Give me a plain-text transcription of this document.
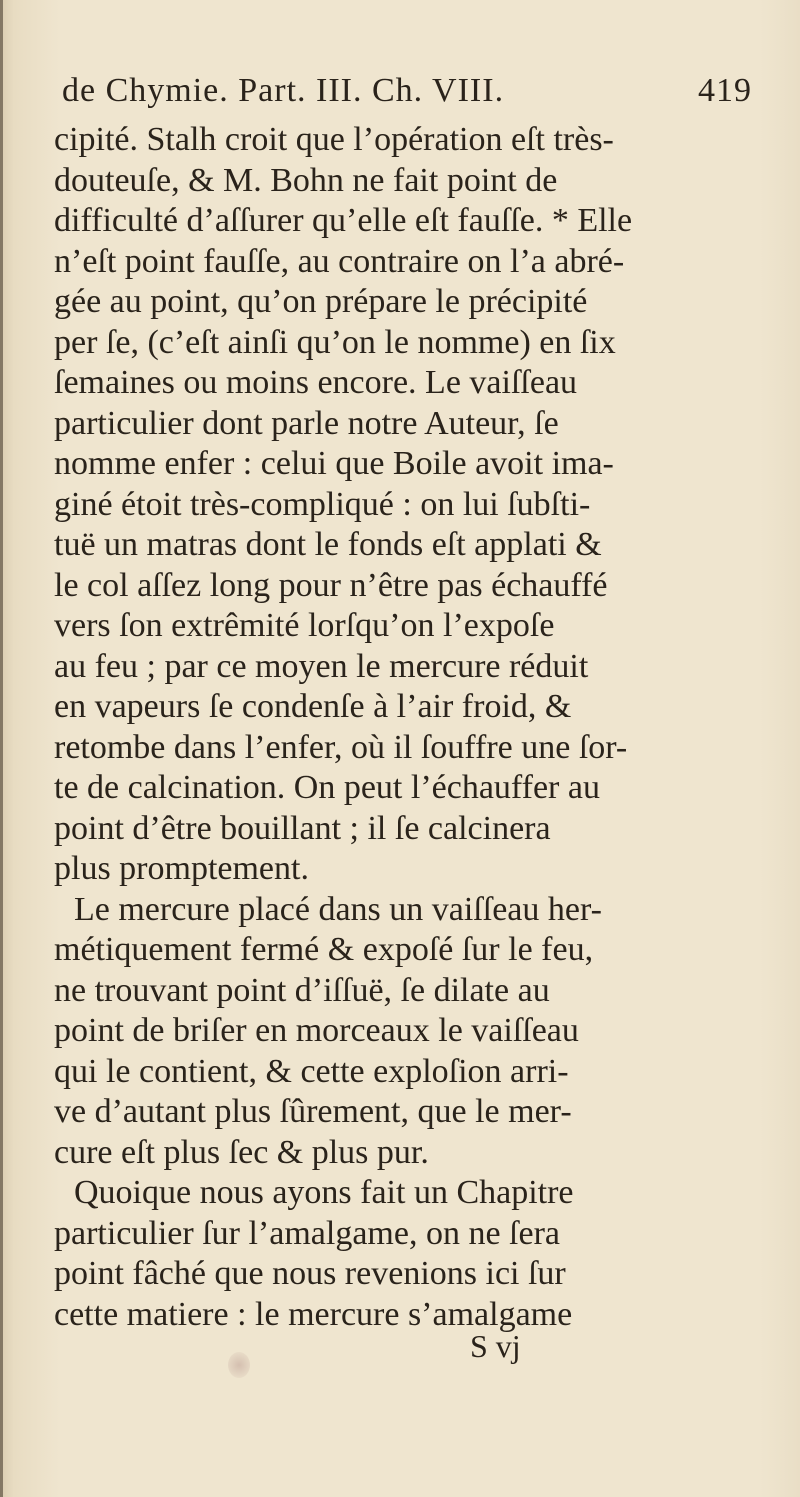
de Chymie. Part. III. Ch. VIII.	419
cipité. Stalh croit que l’opération eſt très-
douteuſe, & M. Bohn ne fait point de
difficulté d’aſſurer qu’elle eſt fauſſe. * Elle
n’eſt point fauſſe, au contraire on l’a abré-
gée au point, qu’on prépare le précipité
per ſe, (c’eſt ainſi qu’on le nomme) en ſix
ſemaines ou moins encore. Le vaiſſeau
particulier dont parle notre Auteur, ſe
nomme enfer : celui que Boile avoit ima-
giné étoit très-compliqué : on lui ſubſti-
tuë un matras dont le fonds eſt applati &
le col aſſez long pour n’être pas échauffé
vers ſon extrêmité lorſqu’on l’expoſe
au feu ; par ce moyen le mercure réduit
en vapeurs ſe condenſe à l’air froid, &
retombe dans l’enfer, où il ſouffre une ſor-
te de calcination. On peut l’échauffer au
point d’être bouillant ; il ſe calcinera
plus promptement.
Le mercure placé dans un vaiſſeau her-
métiquement fermé & expoſé ſur le feu,
ne trouvant point d’iſſuë, ſe dilate au
point de briſer en morceaux le vaiſſeau
qui le contient, & cette exploſion arri-
ve d’autant plus ſûrement, que le mer-
cure eſt plus ſec & plus pur.
Quoique nous ayons fait un Chapitre
particulier ſur l’amalgame, on ne ſera
point fâché que nous revenions ici ſur
cette matiere : le mercure s’amalgame
S vj
